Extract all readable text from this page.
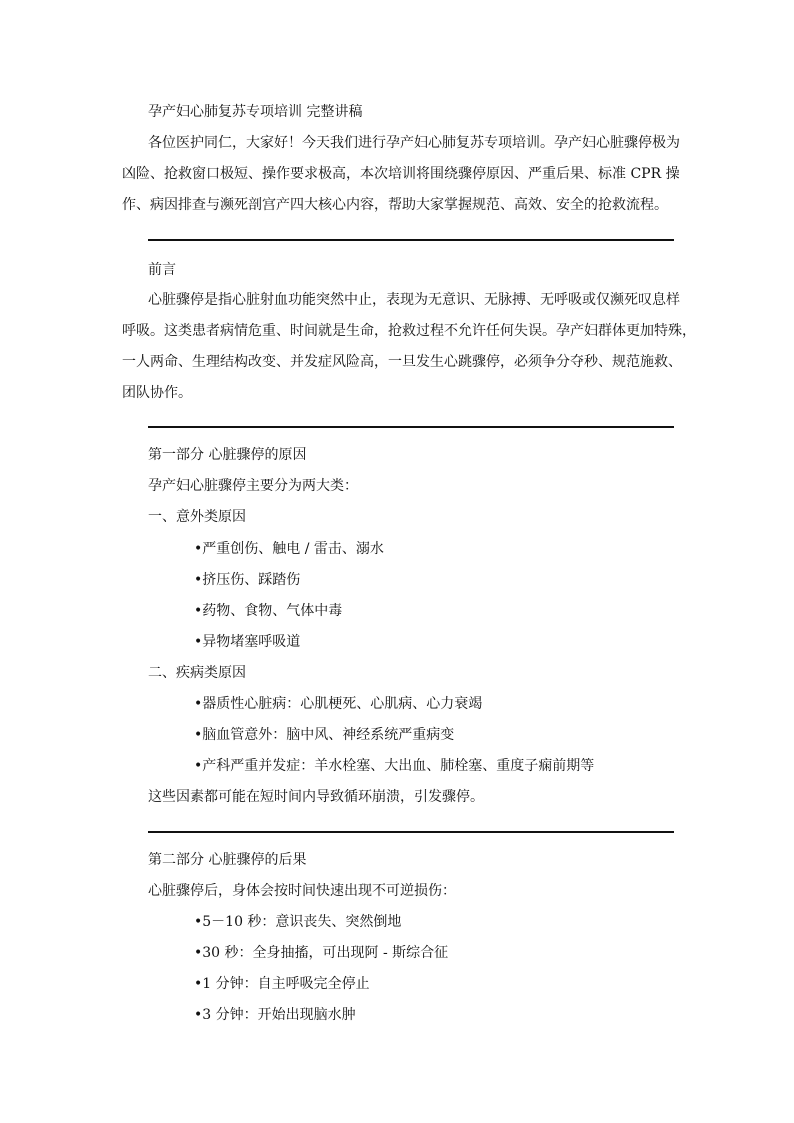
孕产妇心肺复苏专项培训 完整讲稿
各位医护同仁，大家好！今天我们进行孕产妇心肺复苏专项培训。孕产妇心脏骤停极为
凶险、抢救窗口极短、操作要求极高，本次培训将围绕骤停原因、严重后果、标准 CPR 操
作、病因排查与濒死剖宫产四大核心内容，帮助大家掌握规范、高效、安全的抢救流程。
前言
心脏骤停是指心脏射血功能突然中止，表现为无意识、无脉搏、无呼吸或仅濒死叹息样
呼吸。这类患者病情危重、时间就是生命，抢救过程不允许任何失误。孕产妇群体更加特殊，
一人两命、生理结构改变、并发症风险高，一旦发生心跳骤停，必须争分夺秒、规范施救、
团队协作。
第一部分 心脏骤停的原因
孕产妇心脏骤停主要分为两大类：
一、意外类原因
•严重创伤、触电 / 雷击、溺水
•挤压伤、踩踏伤
•药物、食物、气体中毒
•异物堵塞呼吸道
二、疾病类原因
•器质性心脏病：心肌梗死、心肌病、心力衰竭
•脑血管意外：脑中风、神经系统严重病变
•产科严重并发症：羊水栓塞、大出血、肺栓塞、重度子痫前期等
这些因素都可能在短时间内导致循环崩溃，引发骤停。
第二部分 心脏骤停的后果
心脏骤停后，身体会按时间快速出现不可逆损伤：
•5－10 秒：意识丧失、突然倒地
•30 秒：全身抽搐，可出现阿 - 斯综合征
•1 分钟：自主呼吸完全停止
•3 分钟：开始出现脑水肿
